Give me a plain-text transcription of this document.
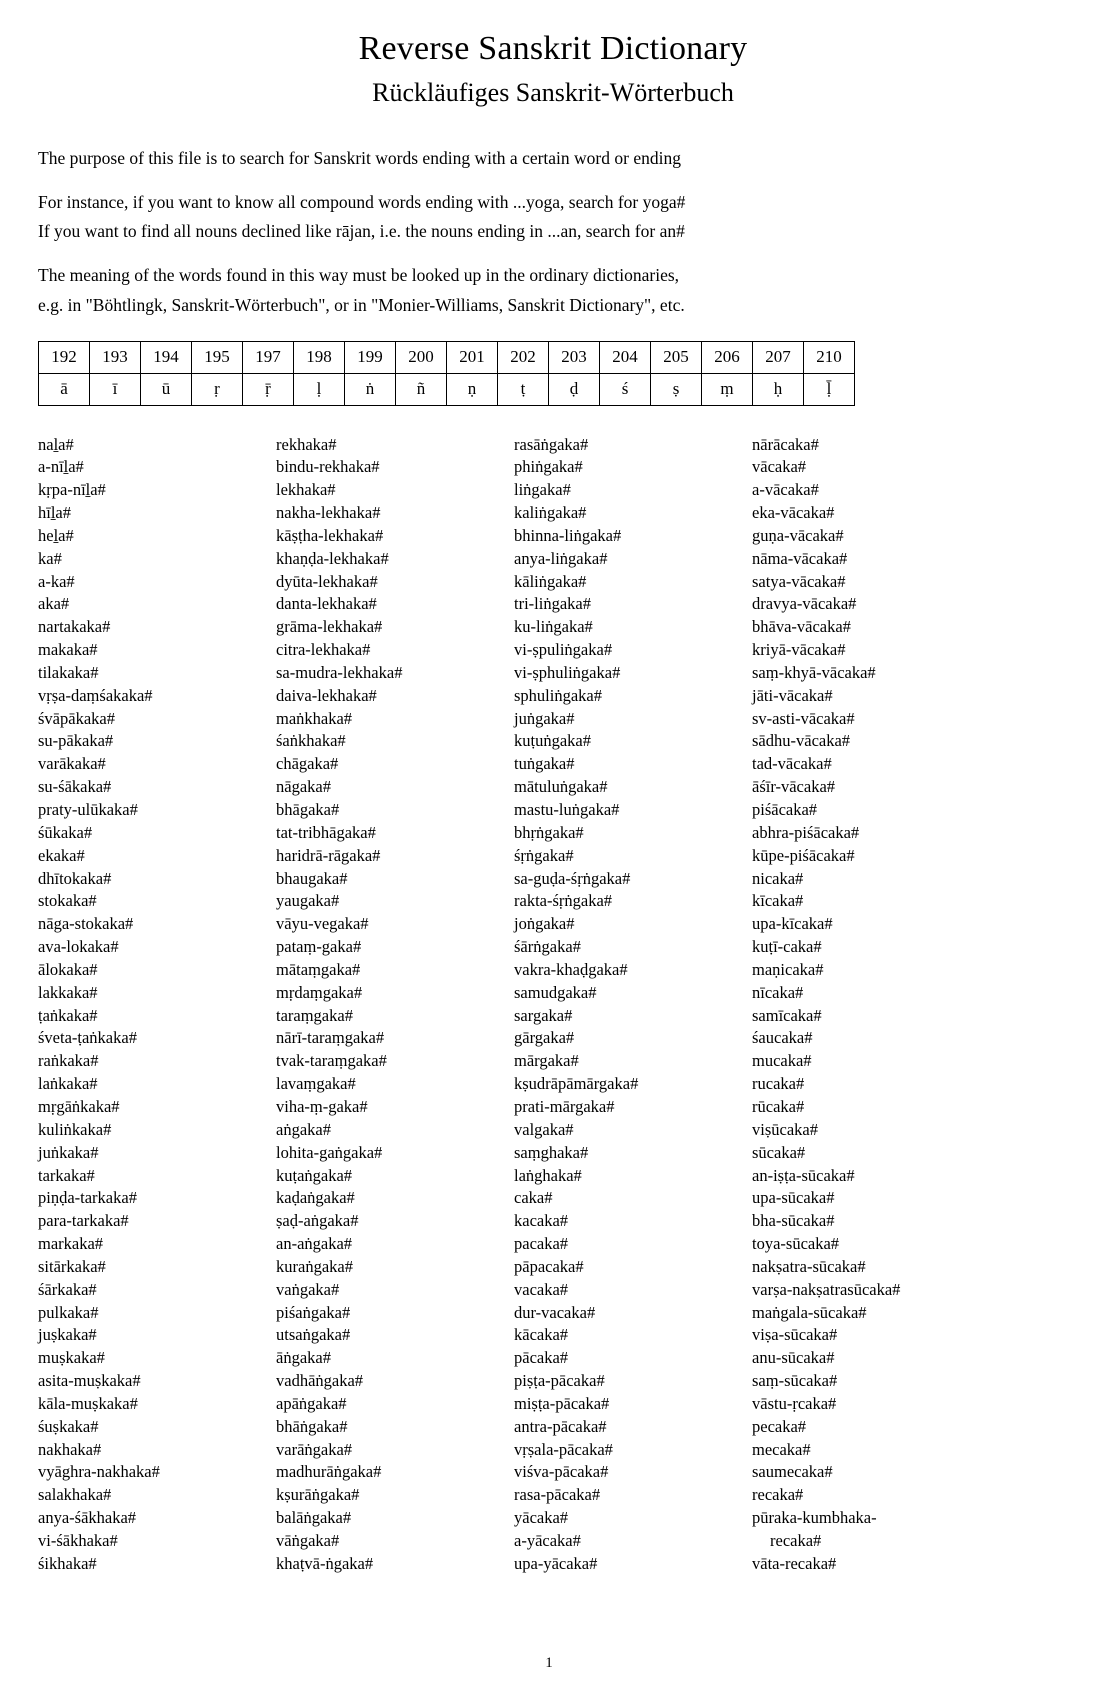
Reverse Sanskrit Dictionary
Rückläufiges Sanskrit-Wörterbuch

The purpose of this file is to search for Sanskrit words ending with a certain word or ending

For instance, if you want to know all compound words ending with ...yoga, search for yoga#

If you want to find all nouns declined like rājan, i.e. the nouns ending in ...an, search for an#

The meaning of the words found in this way must be looked up in the ordinary dictionaries,

e.g. in "Böhtlingk, Sanskrit-Wörterbuch", or in "Monier-Williams, Sanskrit Dictionary", etc.

192	193	194	195	197	198	199	200	201	202	203	204	205	206	207	210
ā	ī	ū	ṛ	ṝ	ḷ	ṅ	ñ	ṇ	ṭ	ḍ	ś	ṣ	ṃ	ḥ	ḹ
naḻa#
a-nīḻa#
kṛpa-nīḻa#
hīḻa#
heḻa#
ka#
a-ka#
aka#
nartakaka#
makaka#
tilakaka#
vṛṣa-daṃśakaka#
śvāpākaka#
su-pākaka#
varākaka#
su-śākaka#
praty-ulūkaka#
śūkaka#
ekaka#
dhītokaka#
stokaka#
nāga-stokaka#
ava-lokaka#
ālokaka#
lakkaka#
ṭaṅkaka#
śveta-ṭaṅkaka#
raṅkaka#
laṅkaka#
mṛgāṅkaka#
kuliṅkaka#
juṅkaka#
tarkaka#
piṇḍa-tarkaka#
para-tarkaka#
markaka#
sitārkaka#
śārkaka#
pulkaka#
juṣkaka#
muṣkaka#
asita-muṣkaka#
kāla-muṣkaka#
śuṣkaka#
nakhaka#
vyāghra-nakhaka#
salakhaka#
anya-śākhaka#
vi-śākhaka#
śikhaka#
rekhaka#
bindu-rekhaka#
lekhaka#
nakha-lekhaka#
kāṣṭha-lekhaka#
khaṇḍa-lekhaka#
dyūta-lekhaka#
danta-lekhaka#
grāma-lekhaka#
citra-lekhaka#
sa-mudra-lekhaka#
daiva-lekhaka#
maṅkhaka#
śaṅkhaka#
chāgaka#
nāgaka#
bhāgaka#
tat-tribhāgaka#
haridrā-rāgaka#
bhaugaka#
yaugaka#
vāyu-vegaka#
pataṃ-gaka#
mātaṃgaka#
mṛdaṃgaka#
taraṃgaka#
nārī-taraṃgaka#
tvak-taraṃgaka#
lavaṃgaka#
viha-ṃ-gaka#
aṅgaka#
lohita-gaṅgaka#
kuṭaṅgaka#
kaḍaṅgaka#
ṣaḍ-aṅgaka#
an-aṅgaka#
kuraṅgaka#
vaṅgaka#
piśaṅgaka#
utsaṅgaka#
āṅgaka#
vadhāṅgaka#
apāṅgaka#
bhāṅgaka#
varāṅgaka#
madhurāṅgaka#
kṣurāṅgaka#
balāṅgaka#
vāṅgaka#
khaṭvā-ṅgaka#
rasāṅgaka#
phiṅgaka#
liṅgaka#
kaliṅgaka#
bhinna-liṅgaka#
anya-liṅgaka#
kāliṅgaka#
tri-liṅgaka#
ku-liṅgaka#
vi-ṣpuliṅgaka#
vi-ṣphuliṅgaka#
sphuliṅgaka#
juṅgaka#
kuṭuṅgaka#
tuṅgaka#
mātuluṅgaka#
mastu-luṅgaka#
bhṛṅgaka#
śṛṅgaka#
sa-guḍa-śṛṅgaka#
rakta-śṛṅgaka#
joṅgaka#
śārṅgaka#
vakra-khaḍgaka#
samudgaka#
sargaka#
gārgaka#
mārgaka#
kṣudrāpāmārgaka#
prati-mārgaka#
valgaka#
saṃghaka#
laṅghaka#
caka#
kacaka#
pacaka#
pāpacaka#
vacaka#
dur-vacaka#
kācaka#
pācaka#
piṣṭa-pācaka#
miṣṭa-pācaka#
antra-pācaka#
vṛṣala-pācaka#
viśva-pācaka#
rasa-pācaka#
yācaka#
a-yācaka#
upa-yācaka#
nārācaka#
vācaka#
a-vācaka#
eka-vācaka#
guṇa-vācaka#
nāma-vācaka#
satya-vācaka#
dravya-vācaka#
bhāva-vācaka#
kriyā-vācaka#
saṃ-khyā-vācaka#
jāti-vācaka#
sv-asti-vācaka#
sādhu-vācaka#
tad-vācaka#
āśīr-vācaka#
piśācaka#
abhra-piśācaka#
kūpe-piśācaka#
nicaka#
kīcaka#
upa-kīcaka#
kuṭī-caka#
maṇicaka#
nīcaka#
samīcaka#
śaucaka#
mucaka#
rucaka#
rūcaka#
viṣūcaka#
sūcaka#
an-iṣṭa-sūcaka#
upa-sūcaka#
bha-sūcaka#
toya-sūcaka#
nakṣatra-sūcaka#
varṣa-nakṣatrasūcaka#
maṅgala-sūcaka#
viṣa-sūcaka#
anu-sūcaka#
saṃ-sūcaka#
vāstu-ṛcaka#
pecaka#
mecaka#
saumecaka#
recaka#
pūraka-kumbhaka-
recaka#
vāta-recaka#
1
